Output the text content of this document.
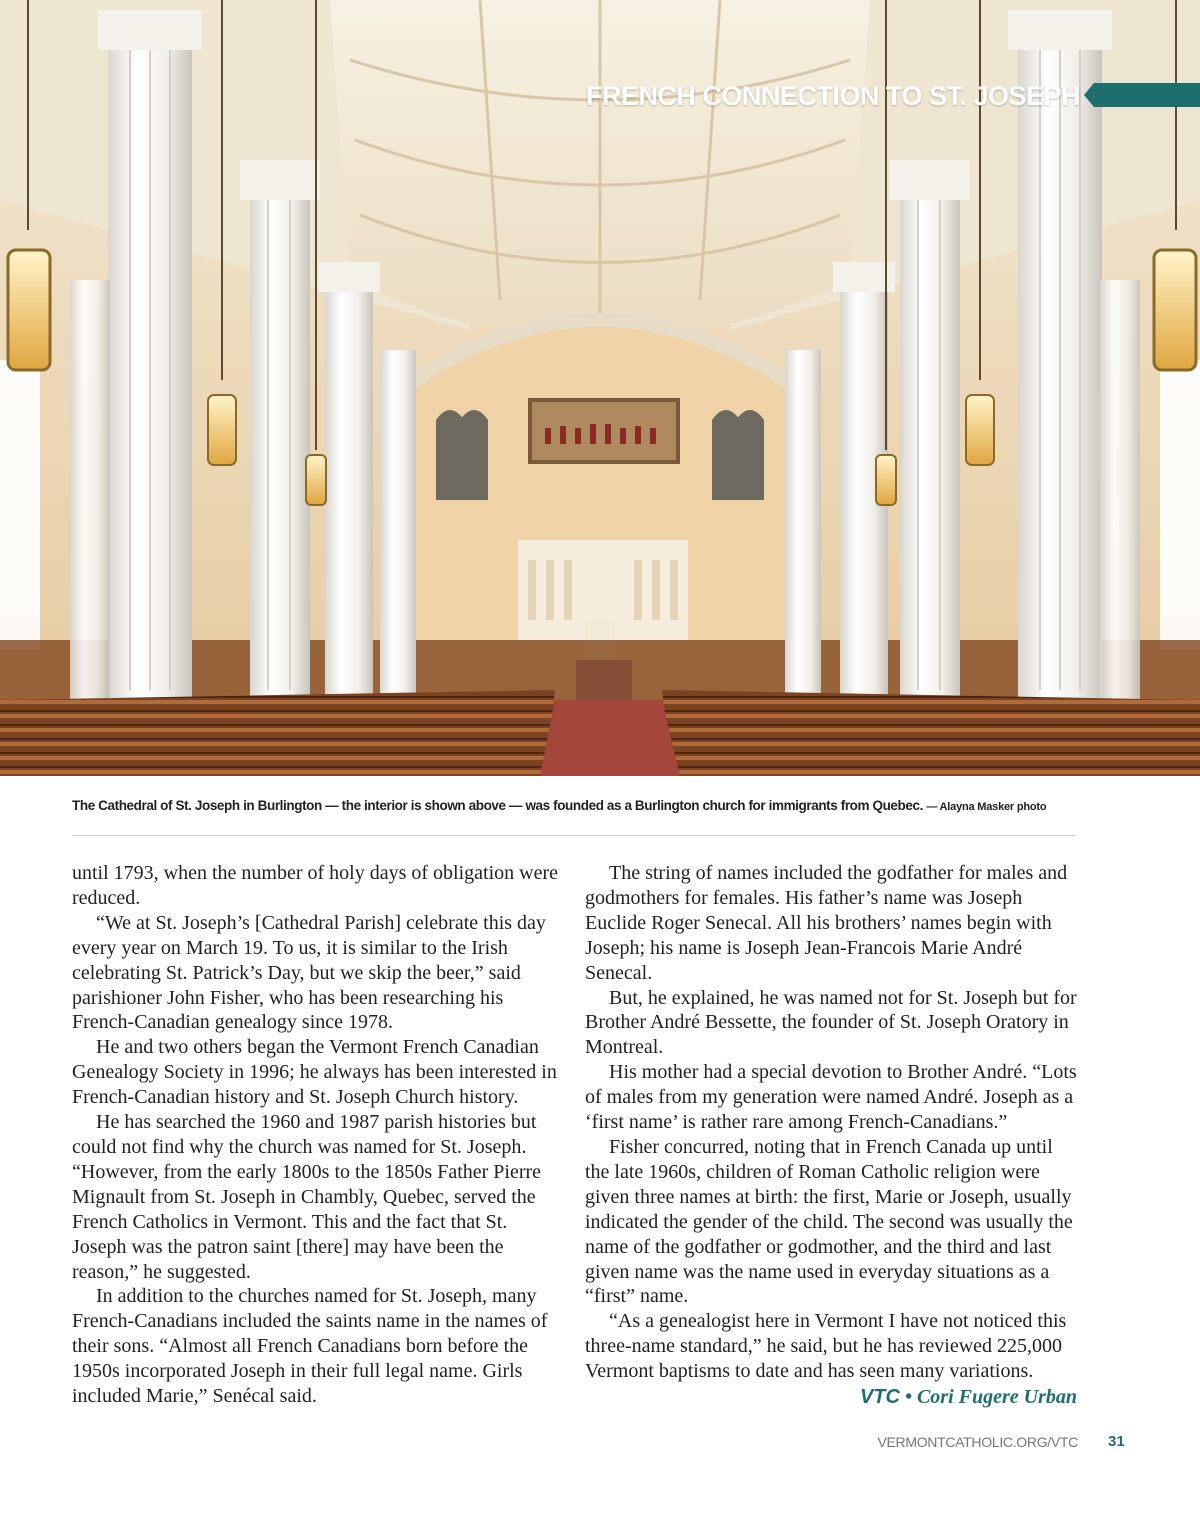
FRENCH CONNECTION TO ST. JOSEPH
The Cathedral of St. Joseph in Burlington — the interior is shown above — was founded as a Burlington church for immigrants from Quebec. — Alayna Masker photo

until 1793, when the number of holy days of obligation were reduced.

“We at St. Joseph’s [Cathedral Parish] celebrate this day every year on March 19. To us, it is similar to the Irish celebrating St. Patrick’s Day, but we skip the beer,” said parishioner John Fisher, who has been researching his French-Canadian genealogy since 1978.

He and two others began the Vermont French Canadian Genealogy Society in 1996; he always has been interested in French-Canadian history and St. Joseph Church history.

He has searched the 1960 and 1987 parish histories but could not find why the church was named for St. Joseph. “However, from the early 1800s to the 1850s Father Pierre Mignault from St. Joseph in Chambly, Quebec, served the French Catholics in Vermont. This and the fact that St. Joseph was the patron saint [there] may have been the reason,” he suggested.

In addition to the churches named for St. Joseph, many French-Canadians included the saints name in the names of their sons. “Almost all French Canadians born before the 1950s incorporated Joseph in their full legal name. Girls included Marie,” Senécal said.

The string of names included the godfather for males and godmothers for females. His father’s name was Joseph Euclide Roger Senecal. All his brothers’ names begin with Joseph; his name is Joseph Jean-Francois Marie André Senecal.

But, he explained, he was named not for St. Joseph but for Brother André Bessette, the founder of St. Joseph Oratory in Montreal.

His mother had a special devotion to Brother André. “Lots of males from my generation were named André. Joseph as a ‘first name’ is rather rare among French-Canadians.”

Fisher concurred, noting that in French Canada up until the late 1960s, children of Roman Catholic religion were given three names at birth: the first, Marie or Joseph, usually indicated the gender of the child. The second was usually the name of the godfather or godmother, and the third and last given name was the name used in everyday situations as a “first” name.

“As a genealogist here in Vermont I have not noticed this three-name standard,” he said, but he has reviewed 225,000 Vermont baptisms to date and has seen many variations.

VTC • Cori Fugere Urban
VERMONTCATHOLIC.ORG/VTC 31
